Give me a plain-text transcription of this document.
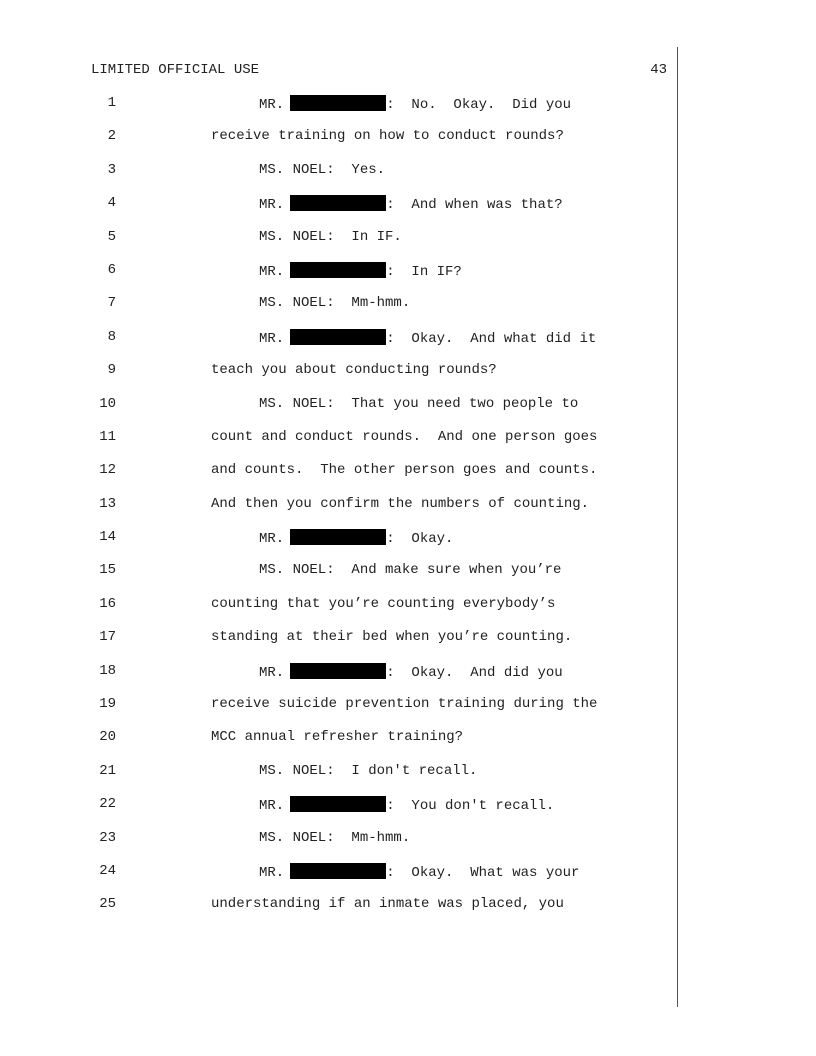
LIMITED OFFICIAL USE	43
1	MR.	:  No.  Okay.  Did you
2	receive training on how to conduct rounds?
3	MS. NOEL:  Yes.
4	MR.	:  And when was that?
5	MS. NOEL:  In IF.
6	MR.	:  In IF?
7	MS. NOEL:  Mm-hmm.
8	MR.	:  Okay.  And what did it
9	teach you about conducting rounds?
10	MS. NOEL:  That you need two people to
11	count and conduct rounds.  And one person goes
12	and counts.  The other person goes and counts.
13	And then you confirm the numbers of counting.
14	MR.	:  Okay.
15	MS. NOEL:  And make sure when you’re
16	counting that you’re counting everybody’s
17	standing at their bed when you’re counting.
18	MR.	:  Okay.  And did you
19	receive suicide prevention training during the
20	MCC annual refresher training?
21	MS. NOEL:  I don't recall.
22	MR.	:  You don't recall.
23	MS. NOEL:  Mm-hmm.
24	MR.	:  Okay.  What was your
25	understanding if an inmate was placed, you
